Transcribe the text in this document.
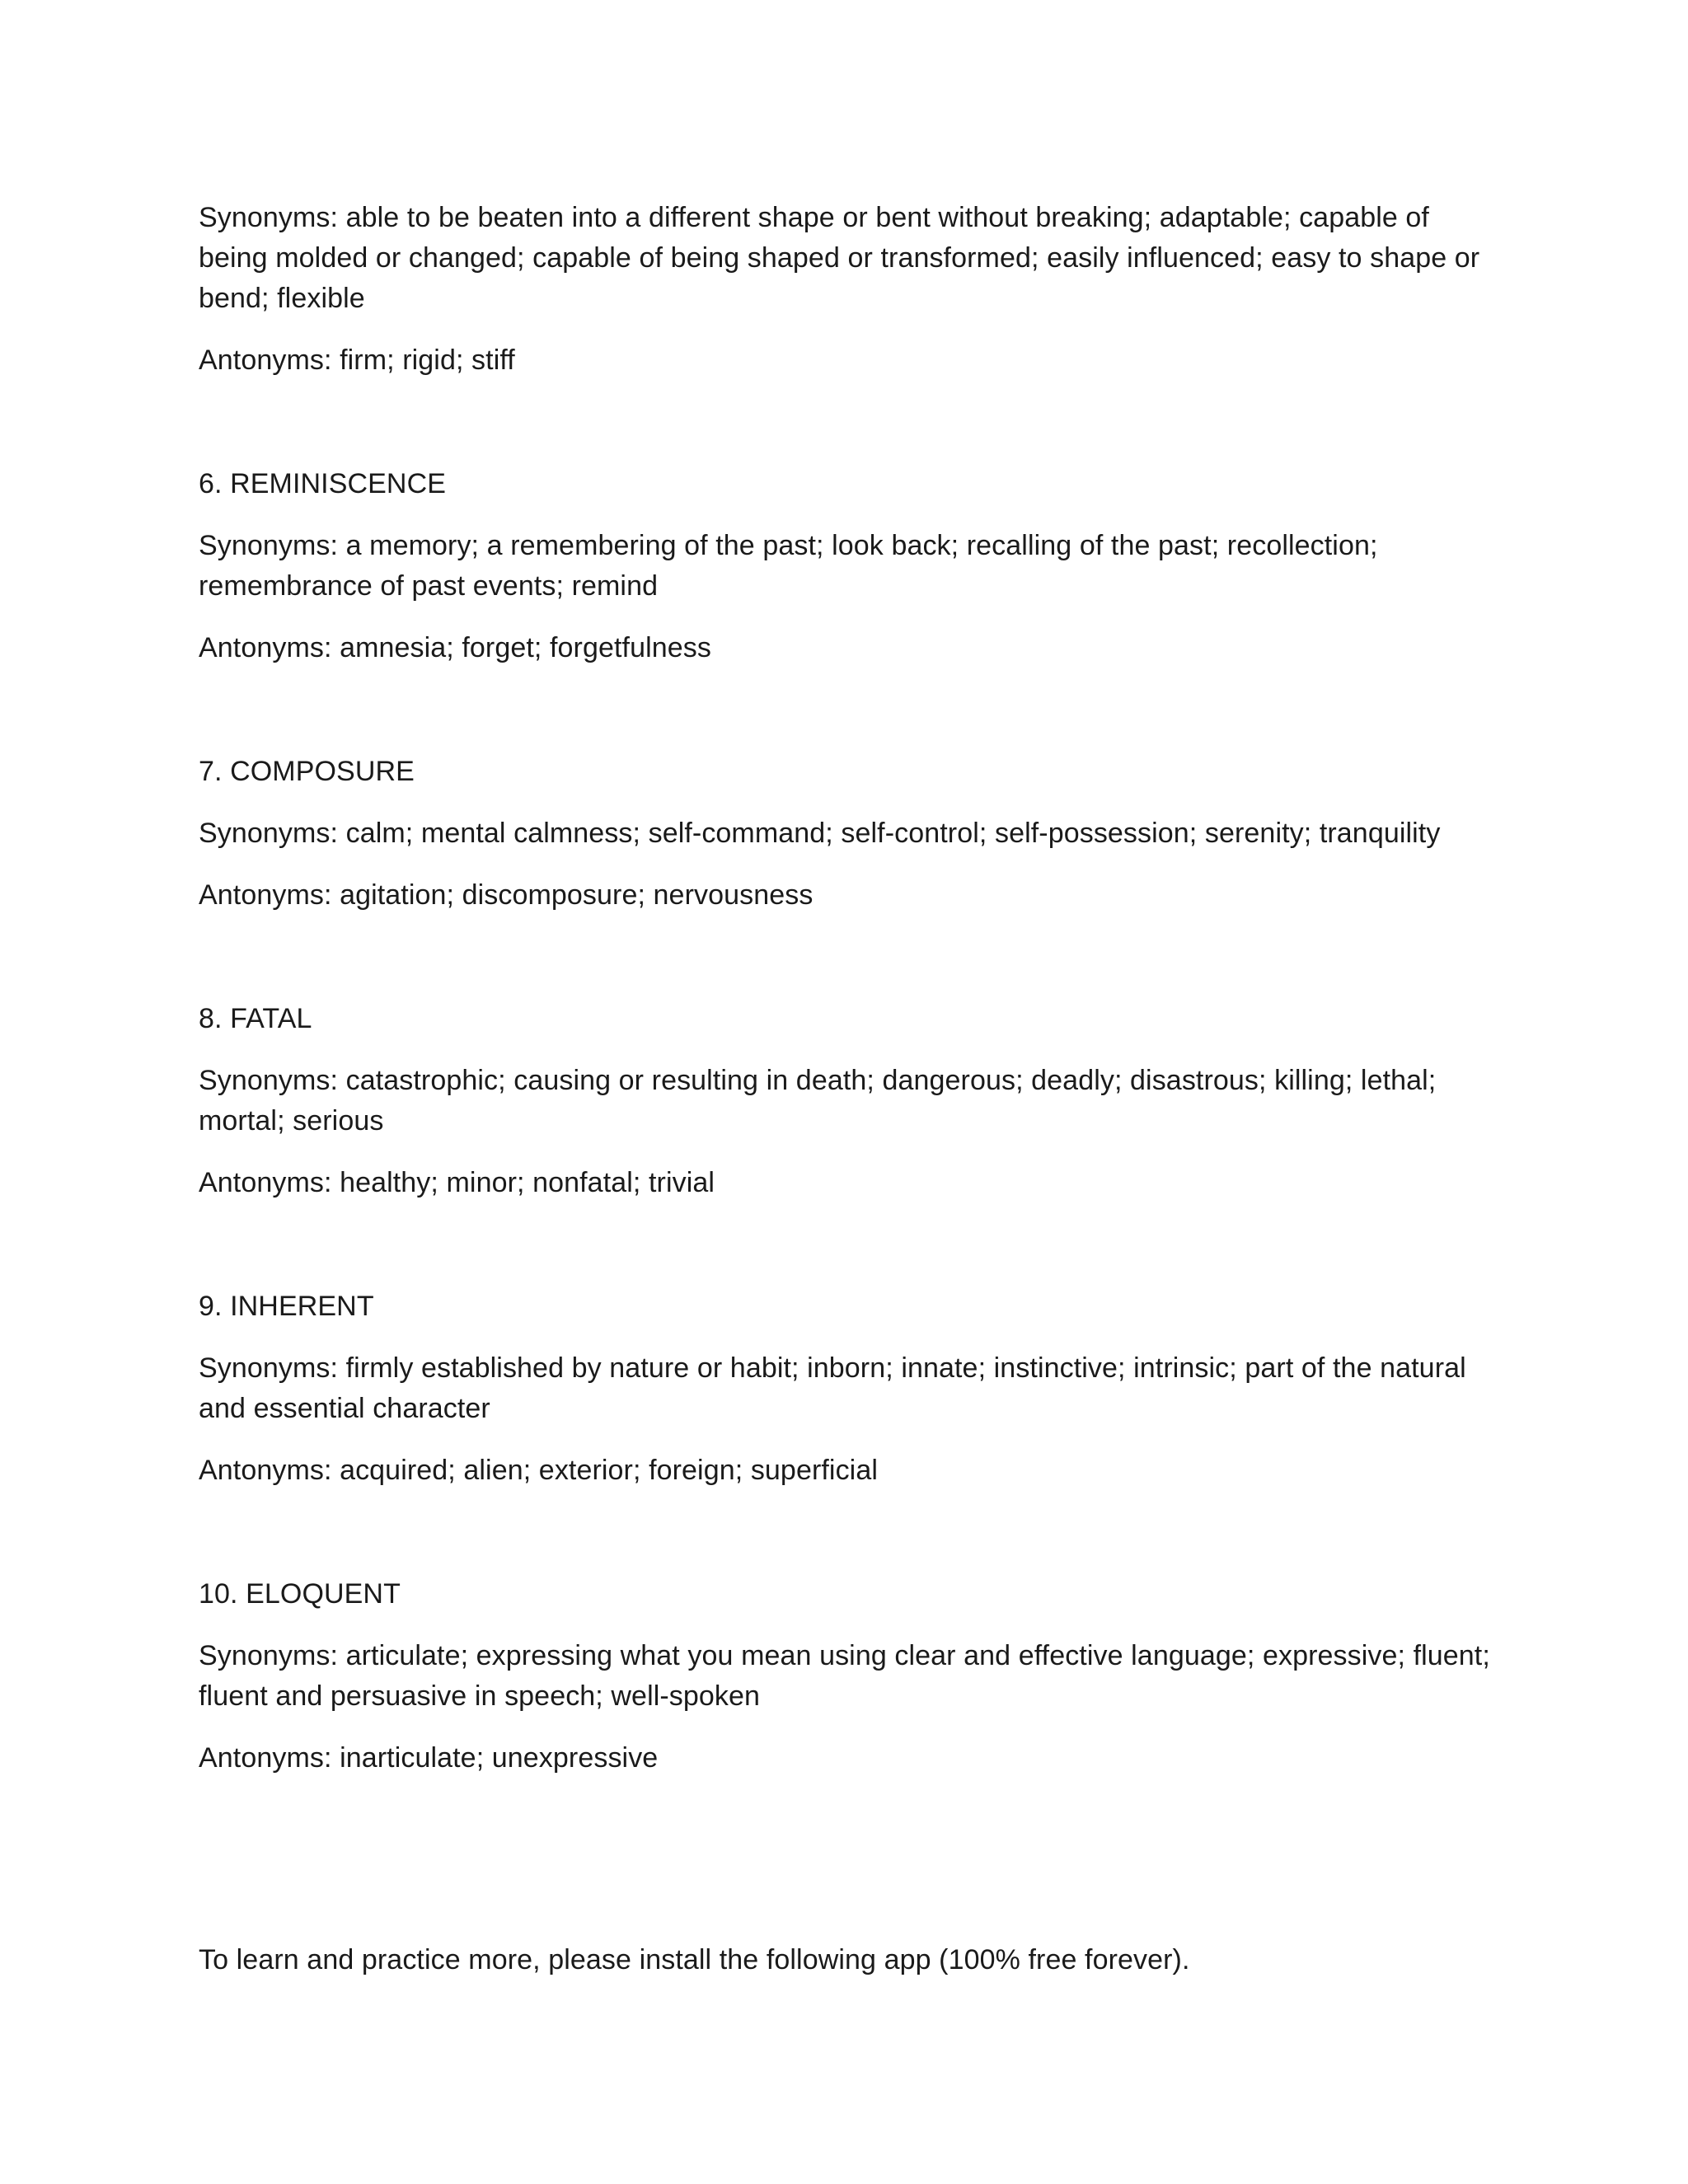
Synonyms: able to be beaten into a different shape or bent without breaking; adaptable; capable of being molded or changed; capable of being shaped or transformed; easily influenced; easy to shape or bend; flexible

Antonyms: firm; rigid; stiff

6. REMINISCENCE

Synonyms: a memory; a remembering of the past; look back; recalling of the past; recollection; remembrance of past events; remind

Antonyms: amnesia; forget; forgetfulness

7. COMPOSURE

Synonyms: calm; mental calmness; self-command; self-control; self-possession; serenity; tranquility

Antonyms: agitation; discomposure; nervousness

8. FATAL

Synonyms: catastrophic; causing or resulting in death; dangerous; deadly; disastrous; killing; lethal; mortal; serious

Antonyms: healthy; minor; nonfatal; trivial

9. INHERENT

Synonyms: firmly established by nature or habit; inborn; innate; instinctive; intrinsic; part of the natural and essential character

Antonyms: acquired; alien; exterior; foreign; superficial

10. ELOQUENT

Synonyms: articulate; expressing what you mean using clear and effective language; expressive; fluent; fluent and persuasive in speech; well-spoken

Antonyms: inarticulate; unexpressive

To learn and practice more, please install the following app (100% free forever).
